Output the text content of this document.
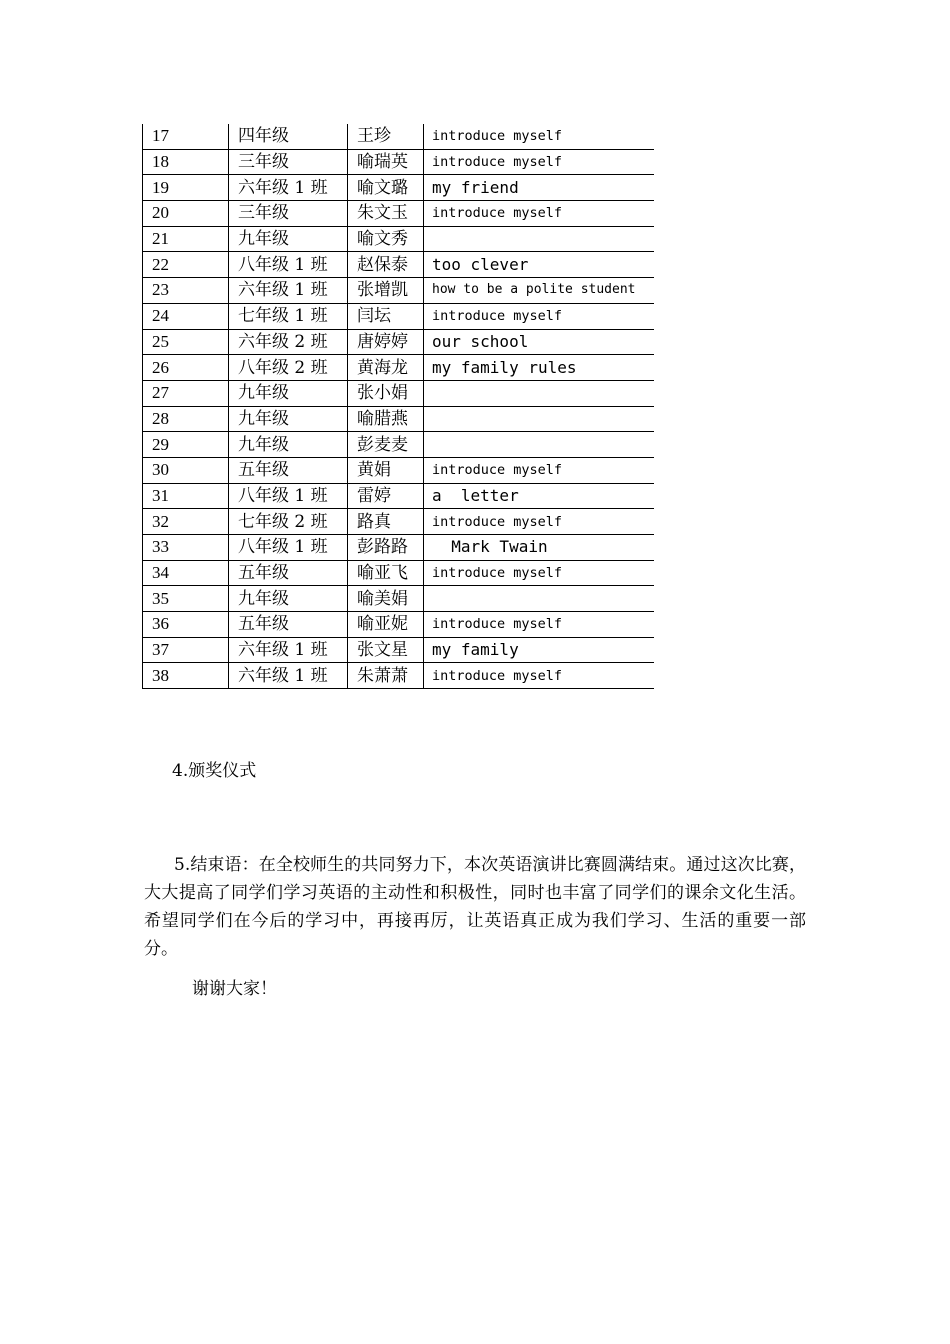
17	四年级	王珍	introduce myself
18	三年级	喻瑞英	introduce myself
19	六年级 1 班	喻文璐	my friend
20	三年级	朱文玉	introduce myself
21	九年级	喻文秀	
22	八年级 1 班	赵保泰	too clever
23	六年级 1 班	张增凯	how to be a polite student
24	七年级 1 班	闫坛	introduce myself
25	六年级 2 班	唐婷婷	our school
26	八年级 2 班	黄海龙	my family rules
27	九年级	张小娟	
28	九年级	喻腊燕	
29	九年级	彭麦麦	
30	五年级	黄娟	introduce myself
31	八年级 1 班	雷婷	a  letter
32	七年级 2 班	路真	introduce myself
33	八年级 1 班	彭路路	Mark Twain
34	五年级	喻亚飞	introduce myself
35	九年级	喻美娟	
36	五年级	喻亚妮	introduce myself
37	六年级 1 班	张文星	my family
38	六年级 1 班	朱萧萧	introduce myself
4.颁奖仪式
5.结束语：在全校师生的共同努力下，本次英语演讲比赛圆满结束。通过这次比赛，大大提高了同学们学习英语的主动性和积极性，同时也丰富了同学们的课余文化生活。希望同学们在今后的学习中，再接再厉，让英语真正成为我们学习、生活的重要一部分。
谢谢大家！
